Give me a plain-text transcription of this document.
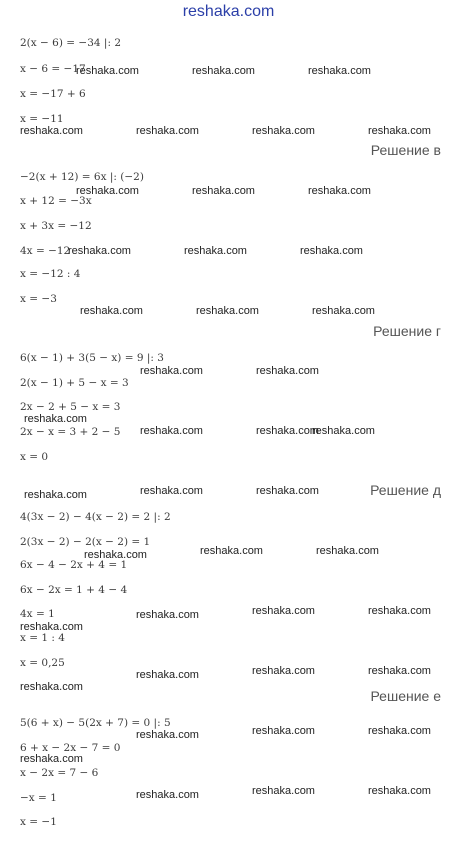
reshaka.com
2(x − 6) = −34 |: 2
x − 6 = −17
x = −17 + 6
x = −11
Решение в
−2(x + 12) = 6x |: (−2)
x + 12 = −3x
x + 3x = −12
4x = −12
x = −12 : 4
x = −3
Решение г
6(x − 1) + 3(5 − x) = 9 |: 3
2(x − 1) + 5 − x = 3
2x − 2 + 5 − x = 3
2x − x = 3 + 2 − 5
x = 0
Решение д
4(3x − 2) − 4(x − 2) = 2 |: 2
2(3x − 2) − 2(x − 2) = 1
6x − 4 − 2x + 4 = 1
6x − 2x = 1 + 4 − 4
4x = 1
x = 1 : 4
x = 0,25
Решение е
5(6 + x) − 5(2x + 7) = 0 |: 5
6 + x − 2x − 7 = 0
x − 2x = 7 − 6
−x = 1
x = −1
reshaka.com	reshaka.com	reshaka.com
reshaka.com	reshaka.com	reshaka.com	reshaka.com
reshaka.com	reshaka.com	reshaka.com
reshaka.com	reshaka.com	reshaka.com
reshaka.com	reshaka.com	reshaka.com
reshaka.com	reshaka.com
reshaka.com
reshaka.com	reshaka.com
reshaka.com
reshaka.com	reshaka.com	reshaka.com
reshaka.com	reshaka.com	reshaka.com
reshaka.com
reshaka.com	reshaka.com	reshaka.com
reshaka.com
reshaka.com	reshaka.com	reshaka.com
reshaka.com	reshaka.com	reshaka.com
reshaka.com
reshaka.com	reshaka.com	reshaka.com
